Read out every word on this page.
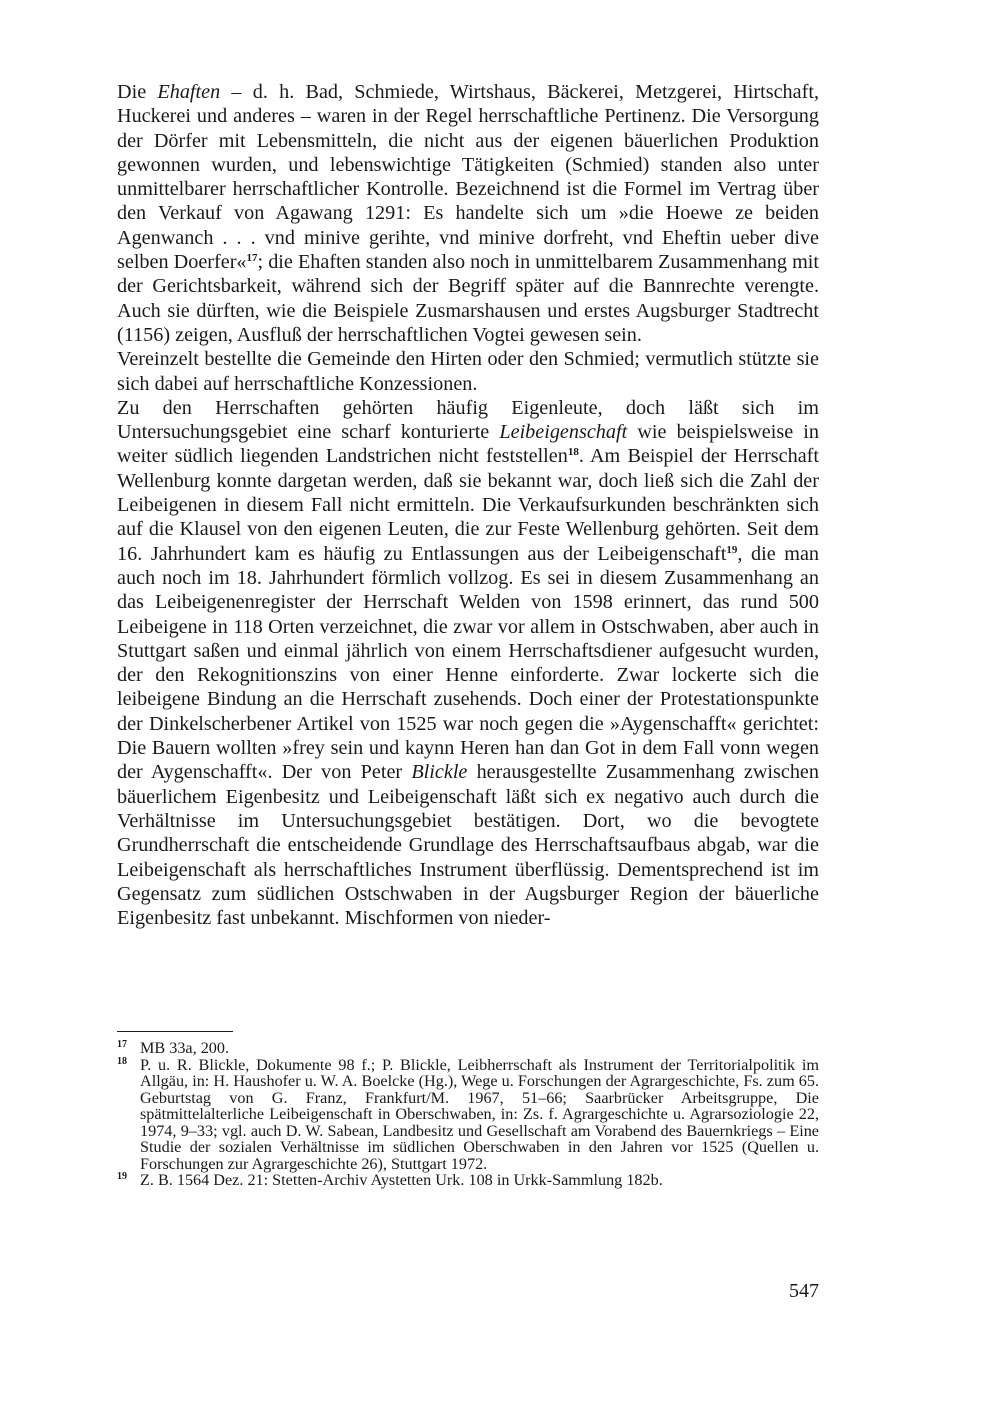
Die Ehaften – d. h. Bad, Schmiede, Wirtshaus, Bäckerei, Metzgerei, Hirtschaft, Huckerei und anderes – waren in der Regel herrschaftliche Pertinenz. Die Versorgung der Dörfer mit Lebensmitteln, die nicht aus der eigenen bäuerlichen Produktion gewonnen wurden, und lebenswichtige Tätigkeiten (Schmied) standen also unter unmittelbarer herrschaftlicher Kontrolle. Bezeichnend ist die Formel im Vertrag über den Verkauf von Agawang 1291: Es handelte sich um »die Hoewe ze beiden Agenwanch . . . vnd minive gerihte, vnd minive dorfreht, vnd Eheftin ueber dive selben Doerfer«$^{17}$; die Ehaften standen also noch in unmittelbarem Zusammenhang mit der Gerichtsbarkeit, während sich der Begriff später auf die Bannrechte verengte. Auch sie dürften, wie die Beispiele Zusmarshausen und erstes Augsburger Stadtrecht (1156) zeigen, Ausfluß der herrschaftlichen Vogtei gewesen sein.

Vereinzelt bestellte die Gemeinde den Hirten oder den Schmied; vermutlich stützte sie sich dabei auf herrschaftliche Konzessionen.

Zu den Herrschaften gehörten häufig Eigenleute, doch läßt sich im Untersuchungsgebiet eine scharf konturierte Leibeigenschaft wie beispielsweise in weiter südlich liegenden Landstrichen nicht feststellen$^{18}$. Am Beispiel der Herrschaft Wellenburg konnte dargetan werden, daß sie bekannt war, doch ließ sich die Zahl der Leibeigenen in diesem Fall nicht ermitteln. Die Verkaufsurkunden beschränkten sich auf die Klausel von den eigenen Leuten, die zur Feste Wellenburg gehörten. Seit dem 16. Jahrhundert kam es häufig zu Entlassungen aus der Leibeigenschaft$^{19}$, die man auch noch im 18. Jahrhundert förmlich vollzog. Es sei in diesem Zusammenhang an das Leibeigenenregister der Herrschaft Welden von 1598 erinnert, das rund 500 Leibeigene in 118 Orten verzeichnet, die zwar vor allem in Ostschwaben, aber auch in Stuttgart saßen und einmal jährlich von einem Herrschaftsdiener aufgesucht wurden, der den Rekognitionszins von einer Henne einforderte. Zwar lockerte sich die leibeigene Bindung an die Herrschaft zusehends. Doch einer der Protestationspunkte der Dinkelscherbener Artikel von 1525 war noch gegen die »Aygenschafft« gerichtet: Die Bauern wollten »frey sein und kaynn Heren han dan Got in dem Fall vonn wegen der Aygenschafft«. Der von Peter Blickle herausgestellte Zusammenhang zwischen bäuerlichem Eigenbesitz und Leibeigenschaft läßt sich ex negativo auch durch die Verhältnisse im Untersuchungsgebiet bestätigen. Dort, wo die bevogtete Grundherrschaft die entscheidende Grundlage des Herrschaftsaufbaus abgab, war die Leibeigenschaft als herrschaftliches Instrument überflüssig. Dementsprechend ist im Gegensatz zum südlichen Ostschwaben in der Augsburger Region der bäuerliche Eigenbesitz fast unbekannt. Mischformen von nieder-

17 MB 33a, 200.

18 P. u. R. Blickle, Dokumente 98 f.; P. Blickle, Leibherrschaft als Instrument der Territorialpolitik im Allgäu, in: H. Haushofer u. W. A. Boelcke (Hg.), Wege u. Forschungen der Agrargeschichte, Fs. zum 65. Geburtstag von G. Franz, Frankfurt/M. 1967, 51–66; Saarbrücker Arbeitsgruppe, Die spätmittelalterliche Leibeigenschaft in Oberschwaben, in: Zs. f. Agrargeschichte u. Agrarsoziologie 22, 1974, 9–33; vgl. auch D. W. Sabean, Landbesitz und Gesellschaft am Vorabend des Bauernkriegs – Eine Studie der sozialen Verhältnisse im südlichen Oberschwaben in den Jahren vor 1525 (Quellen u. Forschungen zur Agrargeschichte 26), Stuttgart 1972.

19 Z. B. 1564 Dez. 21: Stetten-Archiv Aystetten Urk. 108 in Urkk-Sammlung 182b.

547
